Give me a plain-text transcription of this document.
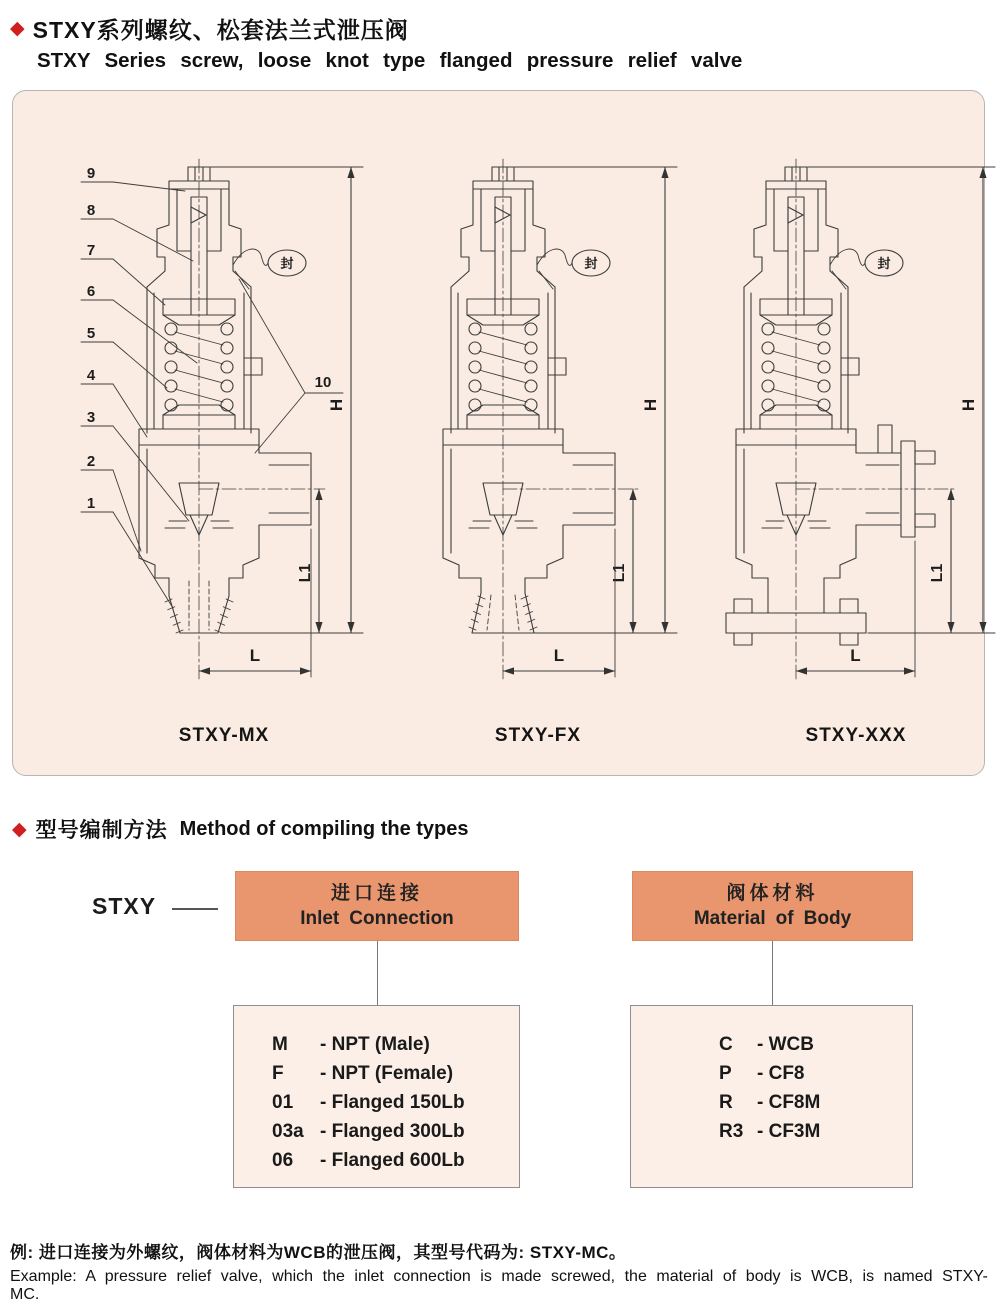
◆ STXY系列螺纹、松套法兰式泄压阀
STXY Series screw, loose knot type flanged pressure relief valve
封
H
L1
L
9
8
7
6
5
4
3
2
1
10
STXY-MX
封
H
L1
L
STXY-FX
封
H
L1
L
STXY-XXX
◆ 型号编制方法 Method of compiling the types
STXY	进口连接
Inlet Connection
阀体材料
Material of Body
M	- NPT (Male)
F	- NPT (Female)
01	- Flanged 150Lb
03a - Flanged 300Lb
06	- Flanged 600Lb
C	- WCB
P	- CF8
R	- CF8M
R3 - CF3M
例: 进口连接为外螺纹，阀体材料为WCB的泄压阀，其型号代码为: STXY-MC。
Example: A pressure relief valve, which the inlet connection is made screwed, the material of body is WCB, is named STXY-MC.
